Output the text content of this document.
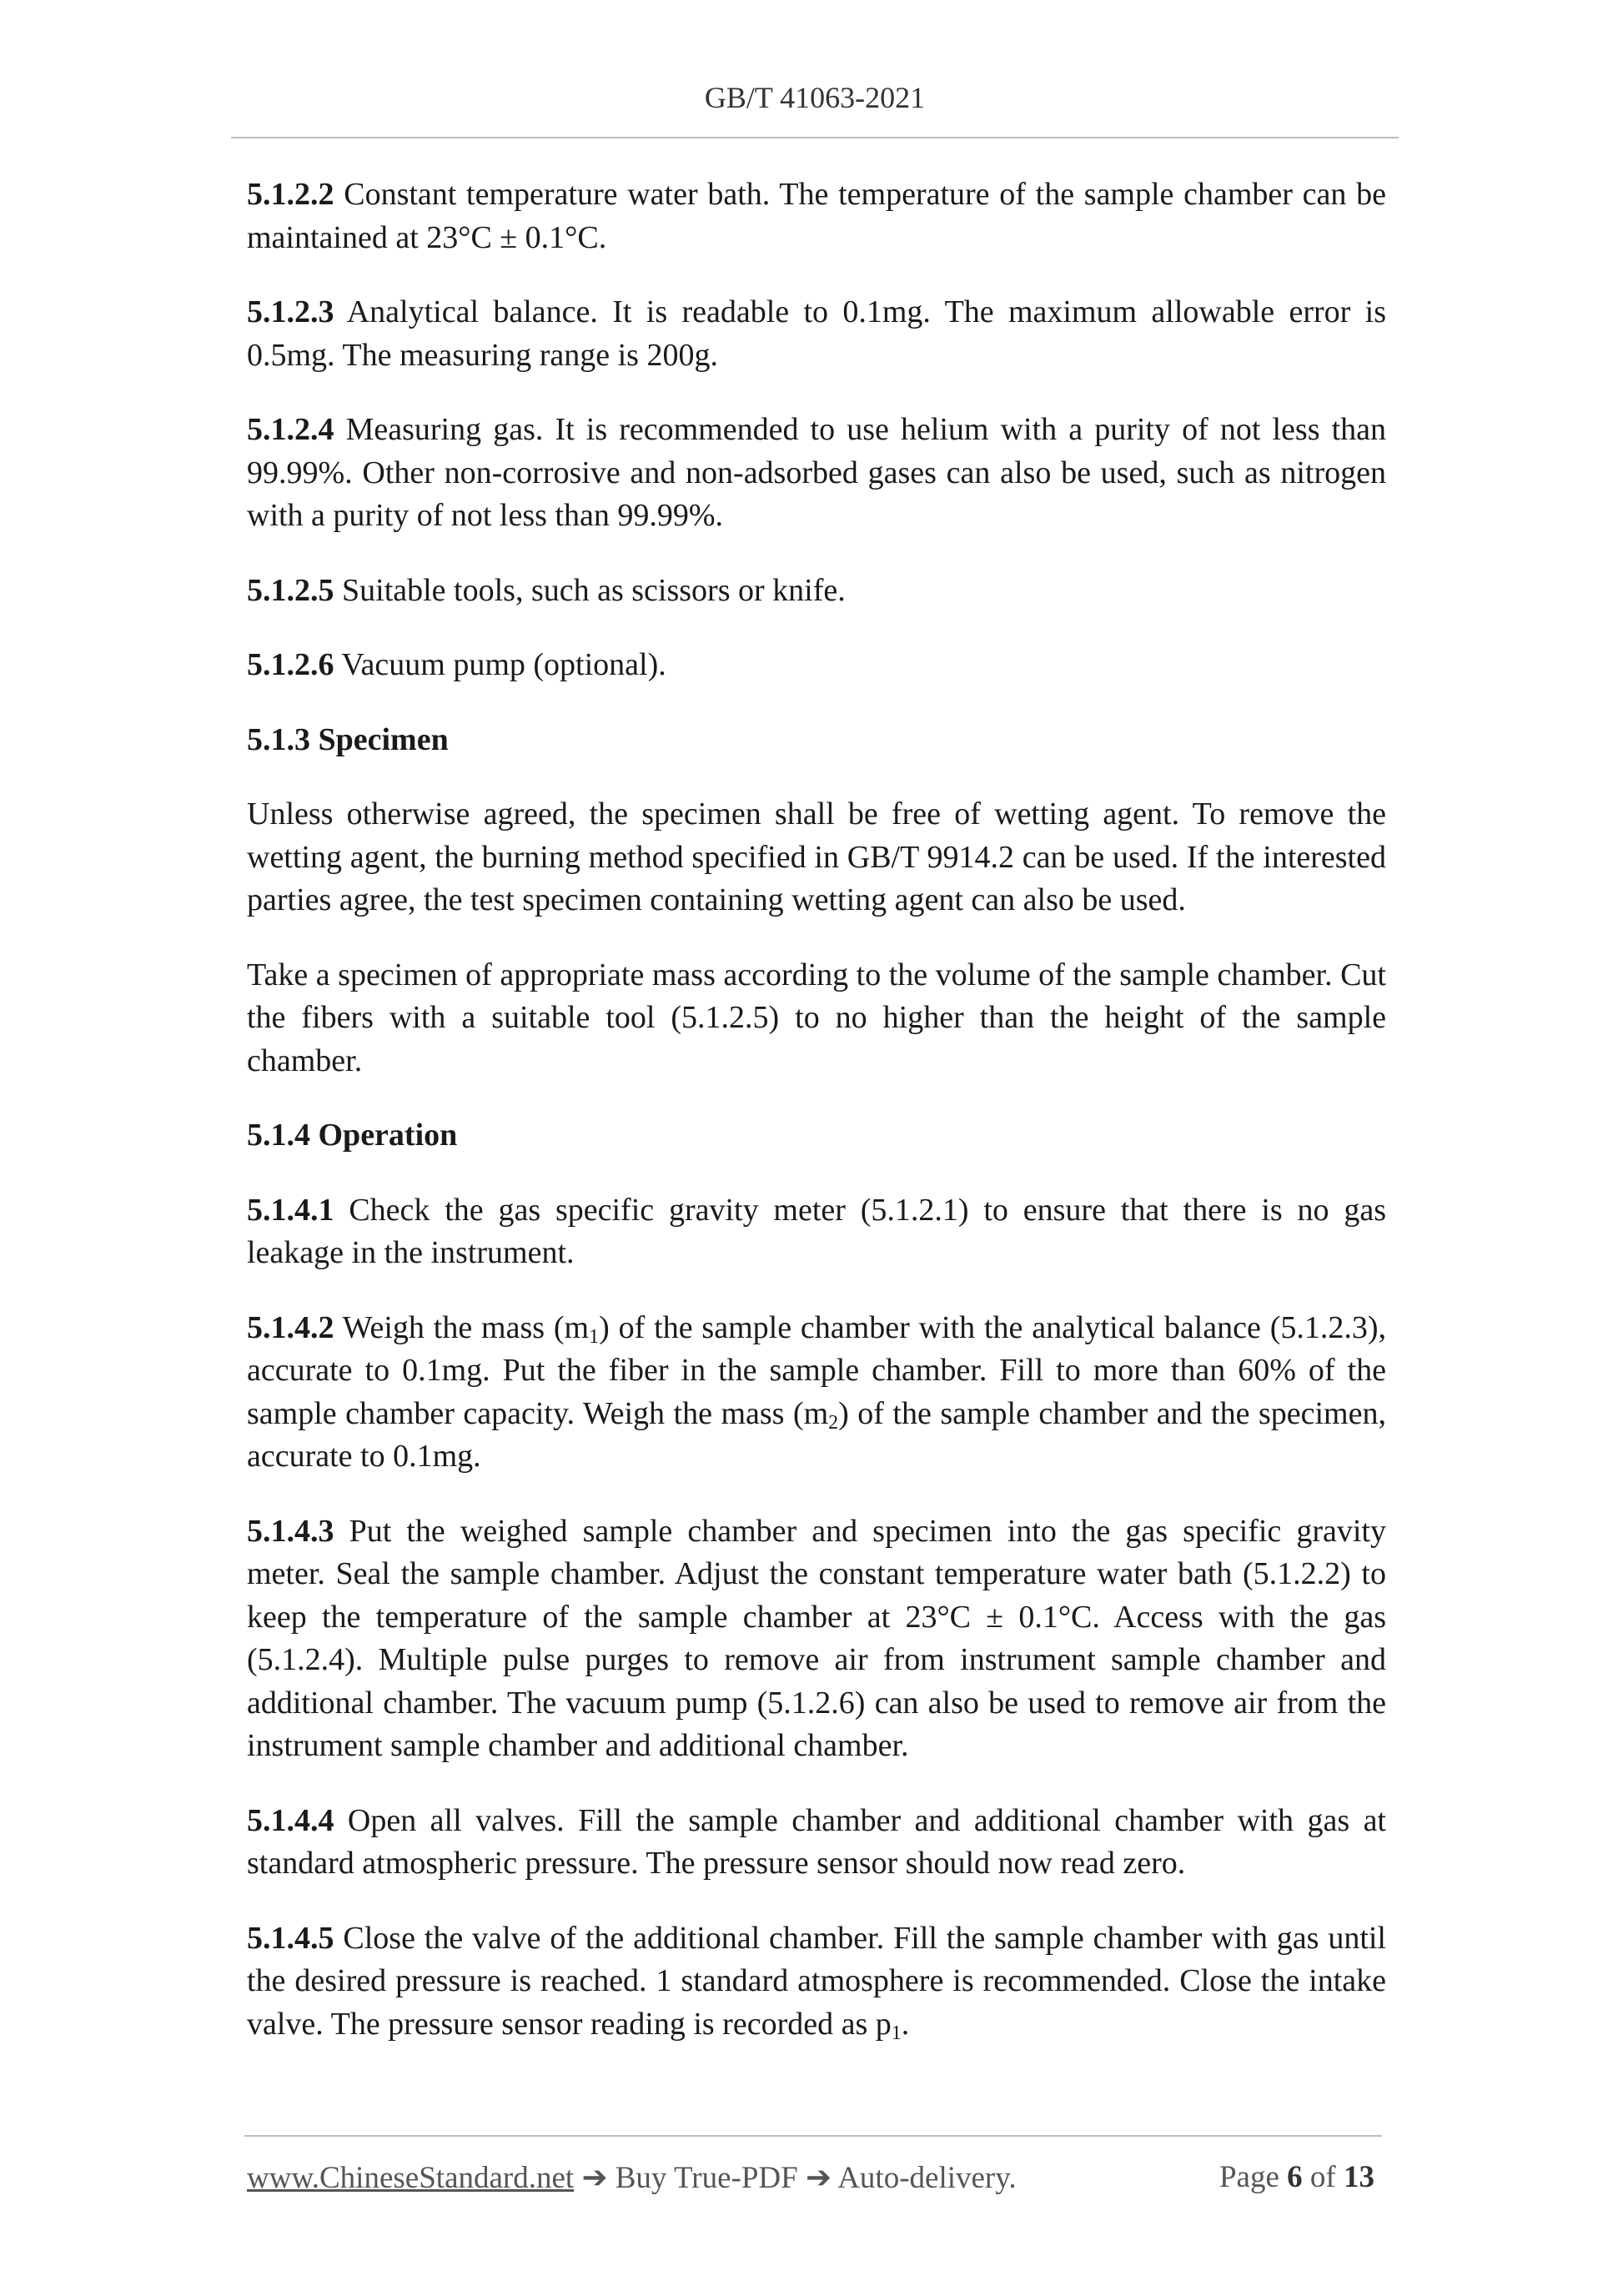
GB/T 41063-2021

5.1.2.2 Constant temperature water bath. The temperature of the sample chamber can be maintained at 23°C ± 0.1°C.

5.1.2.3 Analytical balance. It is readable to 0.1mg. The maximum allowable error is 0.5mg. The measuring range is 200g.

5.1.2.4 Measuring gas. It is recommended to use helium with a purity of not less than 99.99%. Other non-corrosive and non-adsorbed gases can also be used, such as nitrogen with a purity of not less than 99.99%.

5.1.2.5 Suitable tools, such as scissors or knife.

5.1.2.6 Vacuum pump (optional).

5.1.3 Specimen

Unless otherwise agreed, the specimen shall be free of wetting agent. To remove the wetting agent, the burning method specified in GB/T 9914.2 can be used. If the interested parties agree, the test specimen containing wetting agent can also be used.

Take a specimen of appropriate mass according to the volume of the sample chamber. Cut the fibers with a suitable tool (5.1.2.5) to no higher than the height of the sample chamber.

5.1.4 Operation

5.1.4.1 Check the gas specific gravity meter (5.1.2.1) to ensure that there is no gas leakage in the instrument.

5.1.4.2 Weigh the mass $(m_1)$ of the sample chamber with the analytical balance (5.1.2.3), accurate to 0.1mg. Put the fiber in the sample chamber. Fill to more than 60% of the sample chamber capacity. Weigh the mass $(m_2)$ of the sample chamber and the specimen, accurate to 0.1mg.

5.1.4.3 Put the weighed sample chamber and specimen into the gas specific gravity meter. Seal the sample chamber. Adjust the constant temperature water bath (5.1.2.2) to keep the temperature of the sample chamber at 23°C ± 0.1°C. Access with the gas (5.1.2.4). Multiple pulse purges to remove air from instrument sample chamber and additional chamber. The vacuum pump (5.1.2.6) can also be used to remove air from the instrument sample chamber and additional chamber.

5.1.4.4 Open all valves. Fill the sample chamber and additional chamber with gas at standard atmospheric pressure. The pressure sensor should now read zero.

5.1.4.5 Close the valve of the additional chamber. Fill the sample chamber with gas until the desired pressure is reached. 1 standard atmosphere is recommended. Close the intake valve. The pressure sensor reading is recorded as $p_1$.

www.ChineseStandard.net ➔ Buy True-PDF ➔ Auto-delivery.	Page 6 of 13
